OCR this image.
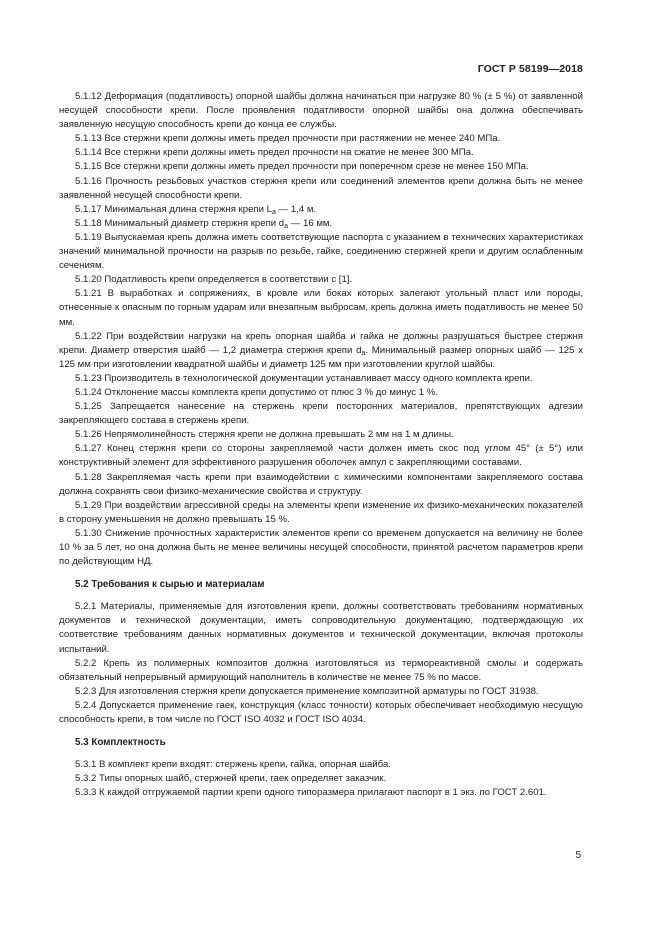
ГОСТ Р 58199—2018

5.1.12 Деформация (податливость) опорной шайбы должна начинаться при нагрузке 80 % (± 5 %) от заявленной несущей способности крепи. После проявления податливости опорной шайбы она должна обеспечивать заявленную несущую способность крепи до конца ее службы.

5.1.13 Все стержни крепи должны иметь предел прочности при растяжении не менее 240 МПа.

5.1.14 Все стержни крепи должны иметь предел прочности на сжатие не менее 300 МПа.

5.1.15 Все стержни крепи должны иметь предел прочности при поперечном срезе не менее 150 МПа.

5.1.16 Прочность резьбовых участков стержня крепи или соединений элементов крепи должна быть не менее заявленной несущей способности крепи.

5.1.17 Минимальная длина стержня крепи $L_a$ — 1,4 м.

5.1.18 Минимальный диаметр стержня крепи $d_a$ — 16 мм.

5.1.19 Выпускаемая крепь должна иметь соответствующие паспорта с указанием в технических характеристиках значений минимальной прочности на разрыв по резьбе, гайке, соединению стержней крепи и другим ослабленным сечениям.

5.1.20 Податливость крепи определяется в соответствии с [1].

5.1.21 В выработках и сопряжениях, в кровле или боках которых залегают угольный пласт или породы, отнесенные к опасным по горным ударам или внезапным выбросам, крепь должна иметь податливость не менее 50 мм.

5.1.22 При воздействии нагрузки на крепь опорная шайба и гайка не должны разрушаться быстрее стержня крепи. Диаметр отверстия шайб — 1,2 диаметра стержня крепи $d_a$. Минимальный размер опорных шайб — 125 х 125 мм при изготовлении квадратной шайбы и диаметр 125 мм при изготовлении круглой шайбы.

5.1.23 Производитель в технологической документации устанавливает массу одного комплекта крепи.

5.1.24 Отклонение массы комплекта крепи допустимо от плюс 3 % до минус 1 %.

5.1.25 Запрещается нанесение на стержень крепи посторонних материалов, препятствующих адгезии закрепляющего состава в стержень крепи.

5.1.26 Непрямолинейность стержня крепи не должна превышать 2 мм на 1 м длины.

5.1.27 Конец стержня крепи со стороны закрепляемой части должен иметь скос под углом 45° (± 5°) или конструктивный элемент для эффективного разрушения оболочек ампул с закрепляющими составами.

5.1.28 Закрепляемая часть крепи при взаимодействии с химическими компонентами закрепляемого состава должна сохранять свои физико-механические свойства и структуру.

5.1.29 При воздействии агрессивной среды на элементы крепи изменение их физико-механических показателей в сторону уменьшения не должно превышать 15 %.

5.1.30 Снижение прочностных характеристик элементов крепи со временем допускается на величину не более 10 % за 5 лет, но она должна быть не менее величины несущей способности, принятой расчетом параметров крепи по действующим НД.

5.2 Требования к сырью и материалам

5.2.1 Материалы, применяемые для изготовления крепи, должны соответствовать требованиям нормативных документов и технической документации, иметь сопроводительную документацию, подтверждающую их соответствие требованиям данных нормативных документов и технической документации, включая протоколы испытаний.

5.2.2 Крепь из полимерных композитов должна изготовляться из термореактивной смолы и содержать обязательный непрерывный армирующий наполнитель в количестве не менее 75 % по массе.

5.2.3 Для изготовления стержня крепи допускается применение композитной арматуры по ГОСТ 31938.

5.2.4 Допускается применение гаек, конструкция (класс точности) которых обеспечивает необходимую несущую способность крепи, в том числе по ГОСТ ISO 4032 и ГОСТ ISO 4034.

5.3 Комплектность

5.3.1 В комплект крепи входят: стержень крепи, гайка, опорная шайба.

5.3.2 Типы опорных шайб, стержней крепи, гаек определяет заказчик.

5.3.3 К каждой отгружаемой партии крепи одного типоразмера прилагают паспорт в 1 экз. по ГОСТ 2.601.

5
